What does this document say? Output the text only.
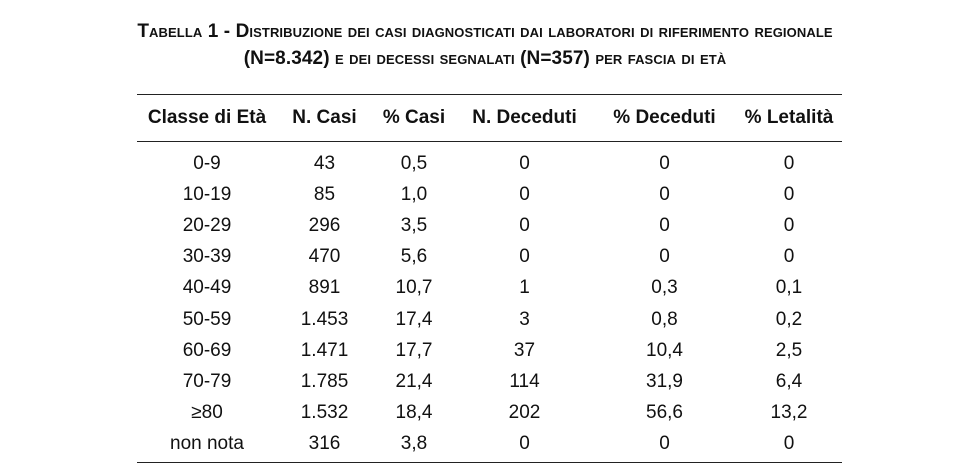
Tabella 1 - Distribuzione dei casi diagnosticati dai laboratori di riferimento regionale
(N=8.342) e dei decessi segnalati (N=357) per fascia di età
Classe di Età	N. Casi	% Casi	N. Deceduti	% Deceduti	% Letalità
0-9	43	0,5	0	0	0
10-19	85	1,0	0	0	0
20-29	296	3,5	0	0	0
30-39	470	5,6	0	0	0
40-49	891	10,7	1	0,3	0,1
50-59	1.453	17,4	3	0,8	0,2
60-69	1.471	17,7	37	10,4	2,5
70-79	1.785	21,4	114	31,9	6,4
≥80	1.532	18,4	202	56,6	13,2
non nota	316	3,8	0	0	0
